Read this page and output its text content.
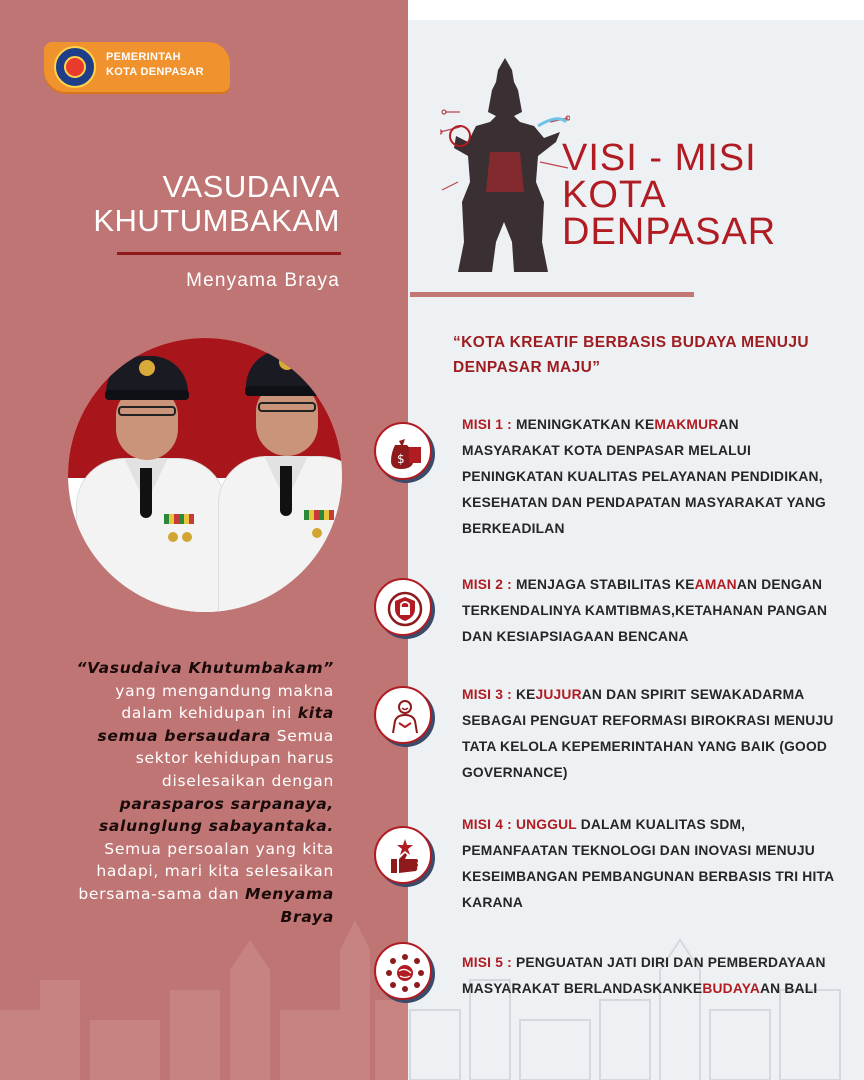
PEMERINTAH
KOTA DENPASAR
VASUDAIVA
KHUTUMBAKAM
Menyama Braya
“Vasudaiva Khutumbakam”
yang mengandung makna
dalam kehidupan ini kita
semua bersaudara Semua
sektor kehidupan harus
diselesaikan dengan
parasparos sarpanaya,
salunglung sabayantaka.
Semua persoalan yang kita
hadapi, mari kita selesaikan
bersama-sama dan Menyama
Braya
VISI - MISI
KOTA
DENPASAR
“KOTA KREATIF BERBASIS BUDAYA MENUJU
DENPASAR MAJU”
$
MISI 1 : MENINGKATKAN KEMAKMURAN
MASYARAKAT KOTA DENPASAR MELALUI
PENINGKATAN KUALITAS PELAYANAN PENDIDIKAN,
KESEHATAN DAN PENDAPATAN MASYARAKAT YANG
BERKEADILAN
MISI 2 : MENJAGA STABILITAS KEAMANAN DENGAN
TERKENDALINYA KAMTIBMAS,KETAHANAN PANGAN
DAN KESIAPSIAGAAN BENCANA
MISI 3 : KEJUJURAN DAN SPIRIT SEWAKADARMA
SEBAGAI PENGUAT REFORMASI BIROKRASI MENUJU
TATA KELOLA KEPEMERINTAHAN YANG BAIK (GOOD
GOVERNANCE)
MISI 4 : UNGGUL DALAM KUALITAS SDM,
PEMANFAATAN TEKNOLOGI DAN INOVASI MENUJU
KESEIMBANGAN PEMBANGUNAN BERBASIS TRI HITA
KARANA
MISI 5 : PENGUATAN JATI DIRI DAN PEMBERDAYAAN
MASYARAKAT BERLANDASKANKEBUDAYAAN BALI
